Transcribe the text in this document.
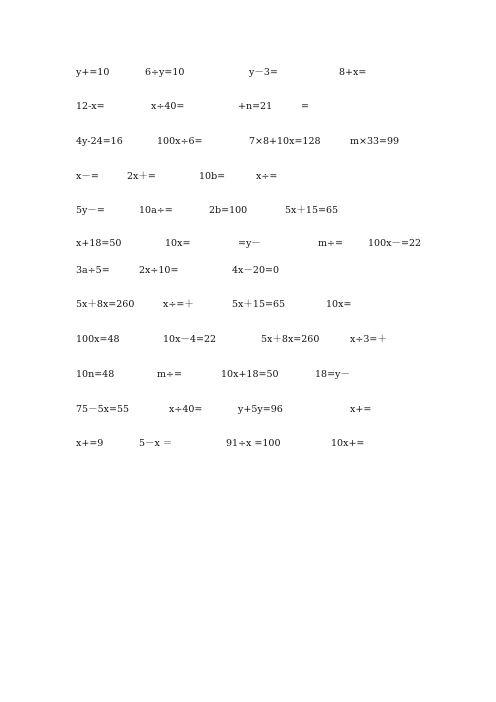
y+=10	6÷y=10	y－3=	8+x=
12-x=	x÷40=	+n=21	=
4y-24=16	100x÷6=	7×8+10x=128	m×33=99
x－=	2x＋=	10b=	x÷=
5y－=	10a÷=	2b=100	5x＋15=65
x+18=50	10x=	=y－	m÷=	100x－=22
3a÷5=	2x÷10=	4x－20=0
5x＋8x=260	x÷=＋	5x＋15=65	10x=
100x=48	10x－4=22	5x＋8x=260	x÷3=＋
10n=48	m÷=	10x+18=50	18=y－
75－5x=55	x÷40=	y+5y=96	x+=
x+=9	5－x ＝	91÷x =100	10x+=
